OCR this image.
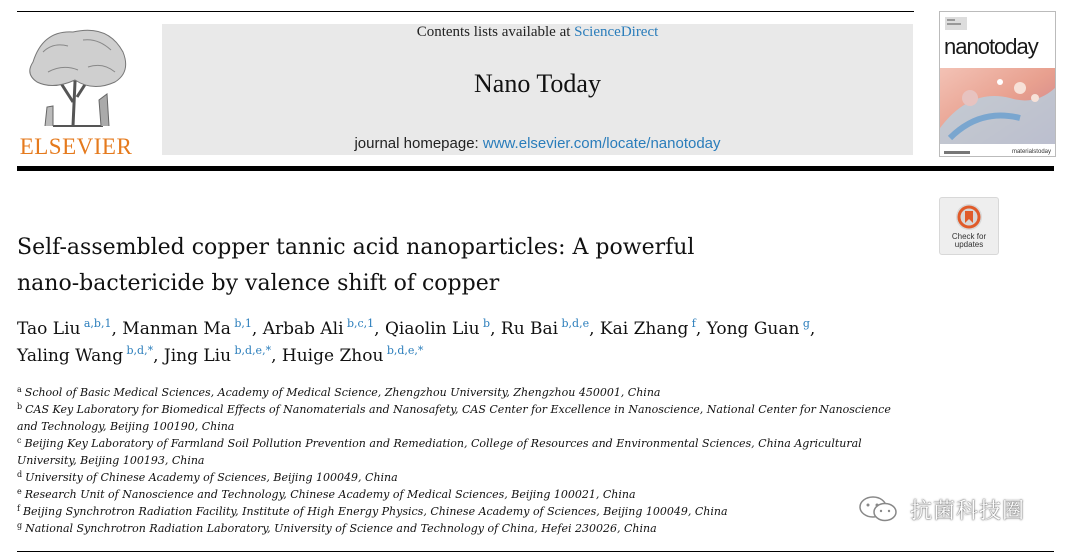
ELSEVIER
Contents lists available at ScienceDirect
Nano Today
journal homepage: www.elsevier.com/locate/nanotoday
nanotoday
materialstoday
Check for
updates
Self-assembled copper tannic acid nanoparticles: A powerful
nano-bactericide by valence shift of copper
Tao Liu  $^{a,b,1}$, Manman Ma  $^{b,1}$, Arbab Ali  $^{b,c,1}$, Qiaolin Liu  $^b$, Ru Bai  $^{b,d,e}$, Kai Zhang  $^f$, Yong Guan  $^g$,
Yaling Wang  $^{b,d,*}$, Jing Liu  $^{b,d,e,*}$, Huige Zhou  $^{b,d,e,*}$
$^a$ School of Basic Medical Sciences, Academy of Medical Science, Zhengzhou University, Zhengzhou 450001, China
$^b$ CAS Key Laboratory for Biomedical Effects of Nanomaterials and Nanosafety, CAS Center for Excellence in Nanoscience, National Center for Nanoscience and Technology, Beijing 100190, China
$^c$ Beijing Key Laboratory of Farmland Soil Pollution Prevention and Remediation, College of Resources and Environmental Sciences, China Agricultural University, Beijing 100193, China
$^d$ University of Chinese Academy of Sciences, Beijing 100049, China
$^e$ Research Unit of Nanoscience and Technology, Chinese Academy of Medical Sciences, Beijing 100021, China
$^f$ Beijing Synchrotron Radiation Facility, Institute of High Energy Physics, Chinese Academy of Sciences, Beijing 100049, China
$^g$ National Synchrotron Radiation Laboratory, University of Science and Technology of China, Hefei 230026, China
抗菌科技圈
